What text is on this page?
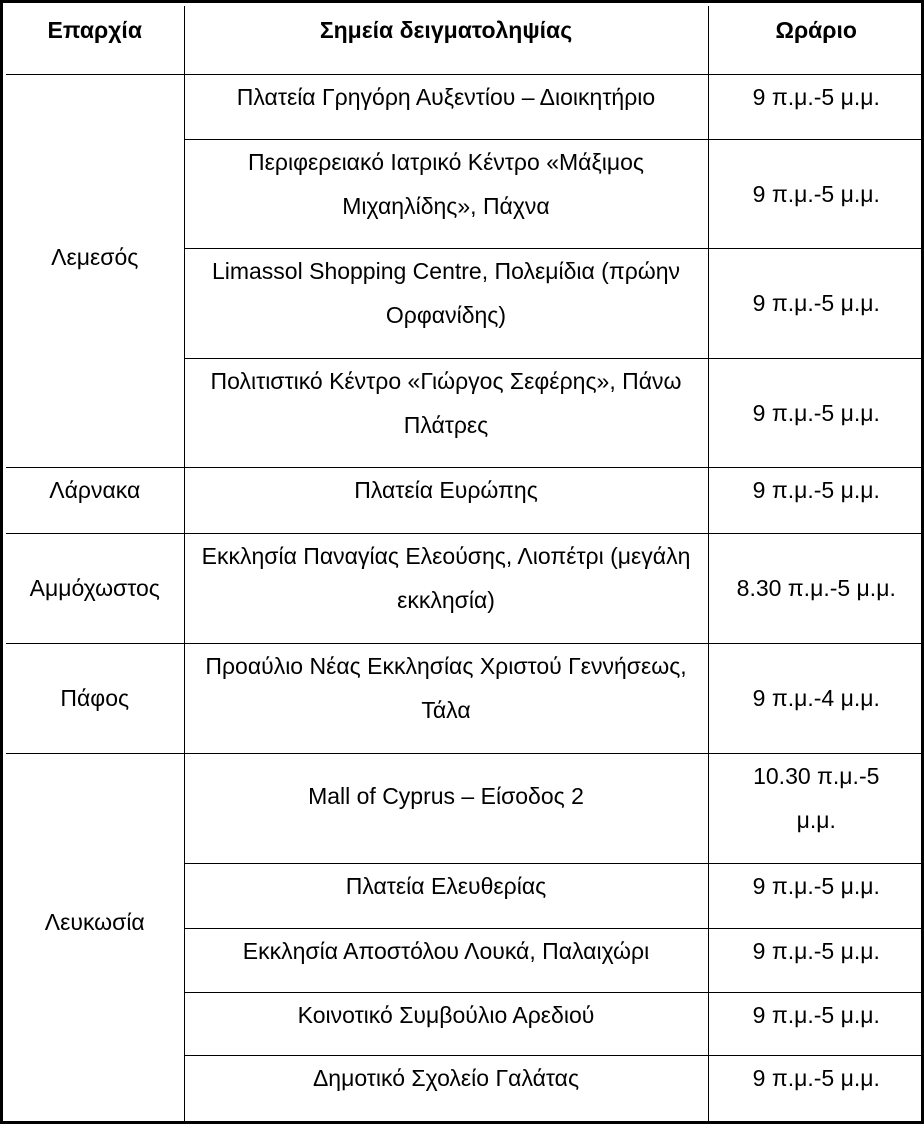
Επαρχία	Σημεία δειγματοληψίας	Ωράριο
Λεμεσός	Πλατεία Γρηγόρη Αυξεντίου – Διοικητήριο	9 π.μ.-5 μ.μ.
	Περιφερειακό Ιατρικό Κέντρο «Μάξιμος Μιχαηλίδης», Πάχνα	9 π.μ.-5 μ.μ.
	Limassol Shopping Centre, Πολεμίδια (πρώην Ορφανίδης)	9 π.μ.-5 μ.μ.
	Πολιτιστικό Κέντρο «Γιώργος Σεφέρης», Πάνω Πλάτρες	9 π.μ.-5 μ.μ.
Λάρνακα	Πλατεία Ευρώπης	9 π.μ.-5 μ.μ.
Αμμόχωστος	Εκκλησία Παναγίας Ελεούσης, Λιοπέτρι (μεγάλη εκκλησία)	8.30 π.μ.-5 μ.μ.
Πάφος	Προαύλιο Νέας Εκκλησίας Χριστού Γεννήσεως, Τάλα	9 π.μ.-4 μ.μ.
Λευκωσία	Mall of Cyprus – Είσοδος 2	10.30 π.μ.-5 μ.μ.

	Πλατεία Ελευθερίας	9 π.μ.-5 μ.μ.
	Εκκλησία Αποστόλου Λουκά, Παλαιχώρι	9 π.μ.-5 μ.μ.
	Κοινοτικό Συμβούλιο Αρεδιού	9 π.μ.-5 μ.μ.
	Δημοτικό Σχολείο Γαλάτας	9 π.μ.-5 μ.μ.
